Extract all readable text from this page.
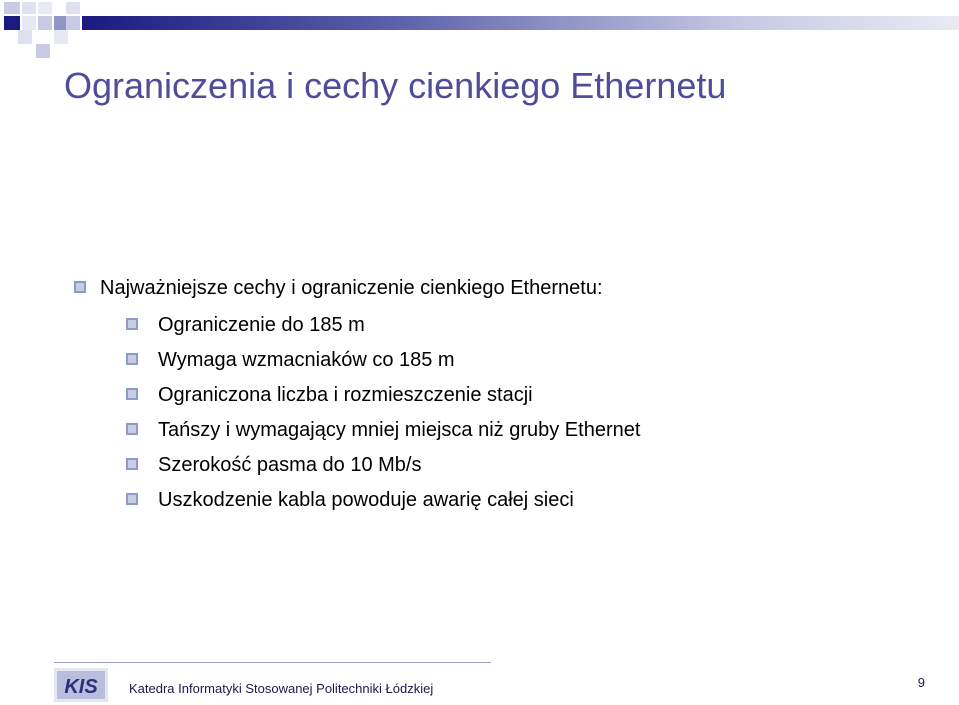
Ograniczenia i cechy cienkiego Ethernetu
Najważniejsze cechy i ograniczenie cienkiego Ethernetu:
Ograniczenie do 185 m
Wymaga wzmacniaków co 185 m
Ograniczona liczba i rozmieszczenie stacji
Tańszy i wymagający mniej miejsca niż gruby Ethernet
Szerokość pasma do 10 Mb/s
Uszkodzenie kabla powoduje awarię całej sieci
KIS Katedra Informatyki Stosowanej Politechniki Łódzkiej	9
